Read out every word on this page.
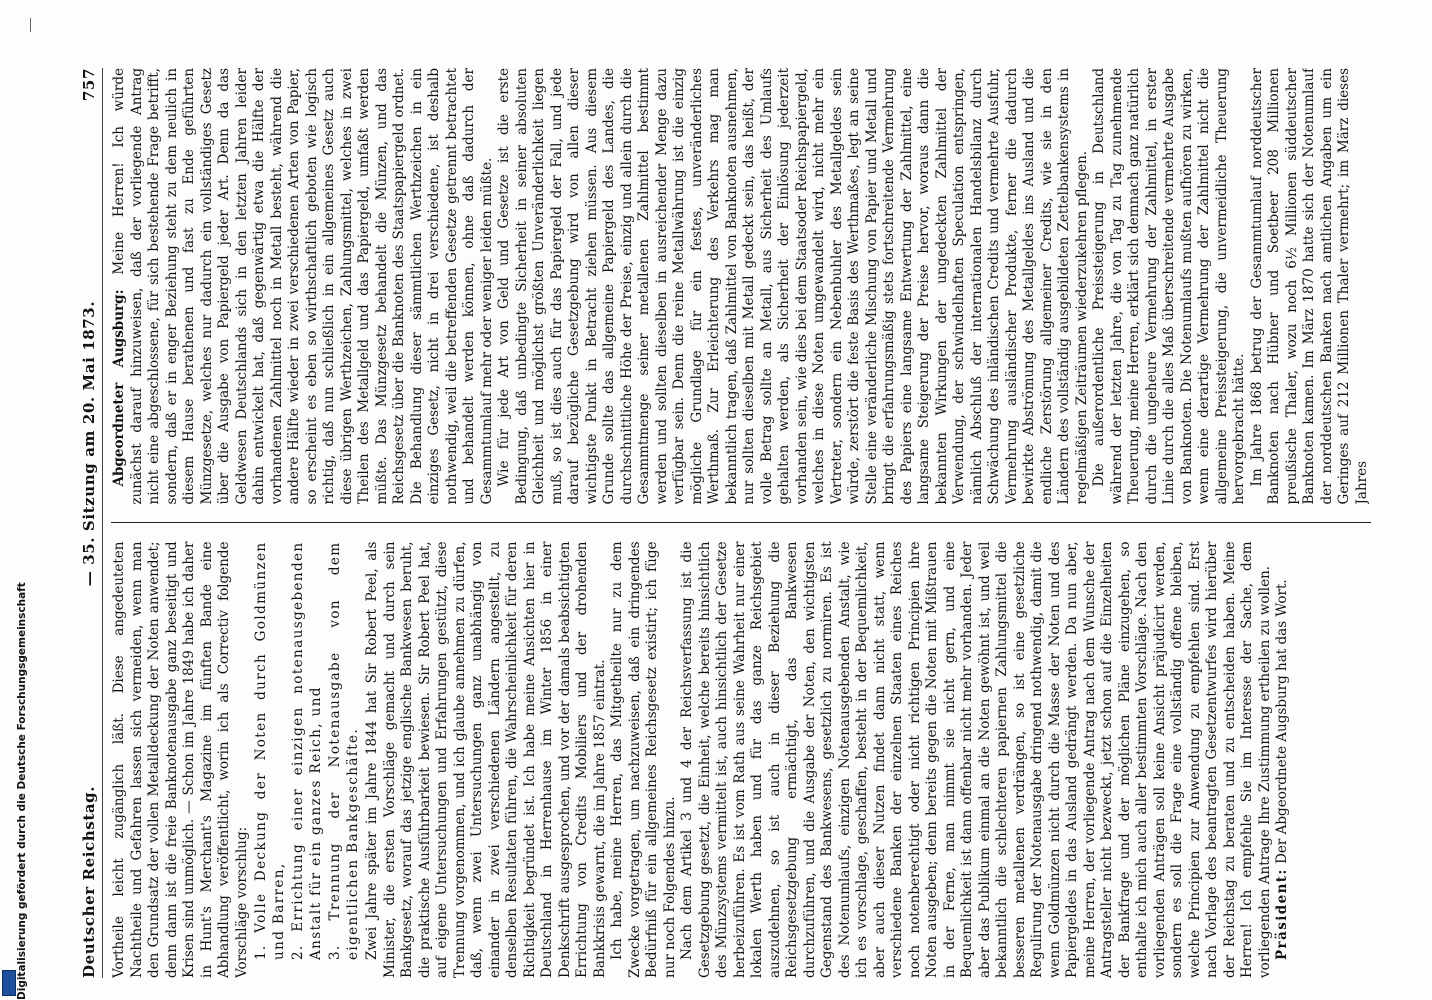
Deutscher Reichstag.
— 35. Sitzung am 20. Mai 1873.
757

Vortheile leicht zugänglich läßt. Diese angedeuteten Nachtheile und Gefahren lassen sich vermeiden, wenn man den Grundsatz der vollen Metalldeckung der Noten anwendet; denn dann ist die freie Banknotenausgabe ganz beseitigt und Krisen sind unmöglich. — Schon im Jahre 1849 habe ich daher in Hunt's Merchant's Magazine im fünften Bande eine Abhandlung veröffentlicht, worin ich als Correctiv folgende Vorschläge vorschlug: 1. Volle Deckung der Noten durch Goldmünzen und Barren, 2. Errichtung einer einzigen notenausgebenden Anstalt für ein ganzes Reich, und 3. Trennung der Notenausgabe von dem eigentlichen Bankgeschäfte. Zwei Jahre später im Jahre 1844 hat Sir Robert Peel, als Minister, die ersten Vorschläge gemacht und durch sein Bankgesetz, worauf das jetzige englische Bankwesen beruht, die praktische Ausführbarkeit bewiesen. Sir Robert Peel hat, auf eigene Untersuchungen und Erfahrungen gestützt, diese Trennung vorgenommen, und ich glaube annehmen zu dürfen, daß, wenn zwei Untersuchungen ganz unabhängig von einander in zwei verschiedenen Ländern angestellt, zu denselben Resultaten führen, die Wahrscheinlichkeit für deren Richtigkeit begründet ist. Ich habe meine Ansichten hier in Deutschland in Herrenhause im Winter 1856 in einer Denkschrift ausgesprochen, und vor der damals beabsichtigten Errichtung von Credits Mobiliers und der drohenden Bankkrisis gewarnt, die im Jahre 1857 eintrat. Ich habe, meine Herren, das Mitgetheilte nur zu dem Zwecke vorgetragen, um nachzuweisen, daß ein dringendes Bedürfniß für ein allgemeines Reichsgesetz existirt; ich füge nur noch Folgendes hinzu. Nach dem Artikel 3 und 4 der Reichsverfassung ist die Gesetzgebung gesetzt, die Einheit, welche bereits hinsichtlich des Münzsystems vermittelt ist, auch hinsichtlich der Gesetze herbeizuführen. Es ist vom Rath aus seine Wahrheit nur einer lokalen Werth haben und für das ganze Reichsgebiet auszudehnen, so ist auch in dieser Beziehung die Reichsgesetzgebung ermächtigt, das Bankwesen durchzuführen, und die Ausgabe der Noten, den wichtigsten Gegenstand des Bankwesens, gesetzlich zu normiren. Es ist des Notenumlaufs, einzigen Notenausgebenden Anstalt, wie ich es vorschlage, geschaffen, besteht in der Bequemlichkeit, aber auch dieser Nutzen findet dann nicht statt, wenn verschiedene Banken der einzelnen Staaten eines Reiches noch notenberechtigt oder nicht richtigen Principien ihre Noten ausgeben; denn bereits gegen die Noten mit Mißtrauen in der Ferne, man nimmt sie nicht gern, und eine Bequemlichkeit ist dann offenbar nicht mehr vorhanden. Jeder aber das Publikum einmal an die Noten gewöhnt ist, und weil bekanntlich die schlechteren papiernen Zahlungsmittel die besseren metallenen verdrängen, so ist eine gesetzliche Regulirung der Notenausgabe dringend nothwendig, damit die wenn Goldmünzen nicht durch die Masse der Noten und des Papiergeldes in das Ausland gedrängt werden. Da nun aber, meine Herren, der vorliegende Antrag nach dem Wunsche der Antragsteller nicht bezweckt, jetzt schon auf die Einzelheiten der Bankfrage und der möglichen Pläne einzugehen, so enthalte ich mich auch aller bestimmten Vorschläge. Nach den vorliegenden Anträgen soll keine Ansicht präjudicirt werden, sondern es soll die Frage eine vollständig offene bleiben, welche Principien zur Anwendung zu empfehlen sind. Erst nach Vorlage des beantragten Gesetzentwurfes wird hierüber der Reichstag zu beraten und zu entscheiden haben. Meine Herren! Ich empfehle Sie im Interesse der Sache, dem vorliegenden Antrage Ihre Zustimmung ertheilen zu wollen. Präsident: Der Abgeordnete Augsburg hat das Wort.

Abgeordneter Augsburg: Meine Herren! Ich würde zunächst darauf hinzuweisen, daß der vorliegende Antrag nicht eine abgeschlossene, für sich bestehende Frage betrifft, sondern, daß er in enger Beziehung steht zu dem neulich in diesem Hause berathenen und fast zu Ende geführten Münzgesetze, welches nur dadurch ein vollständiges Gesetz über die Ausgabe von Papiergeld jeder Art. Denn da das Geldwesen Deutschlands sich in den letzten Jahren leider dahin entwickelt hat, daß gegenwärtig etwa die Hälfte der vorhandenen Zahlmittel noch in Metall besteht, während die andere Hälfte wieder in zwei verschiedenen Arten von Papier, so erscheint es eben so wirthschaftlich geboten wie logisch richtig, daß nun schließlich in ein allgemeines Gesetz auch diese übrigen Werthzeichen, Zahlungsmittel, welches in zwei Theilen des Metallgeld und das Papiergeld, umfaßt werden müßte. Das Münzgesetz behandelt die Münzen, und das Reichsgesetz über die Banknoten des Staatspapiergeld ordnet. Die Behandlung dieser sämmtlichen Werthzeichen in ein einziges Gesetz, nicht in drei verschiedene, ist deshalb nothwendig, weil die betreffenden Gesetze getrennt betrachtet und behandelt werden können, ohne daß dadurch der Gesammtumlauf mehr oder weniger leiden müßte. Wie für jede Art von Geld und Gesetze ist die erste Bedingung, daß unbedingte Sicherheit in seiner absoluten Gleichheit und möglichst größten Unveränderlichkeit liegen muß, so ist dies auch für das Papiergeld der Fall, und jede darauf bezügliche Gesetzgebung wird von allen dieser wichtigste Punkt in Betracht ziehen müssen. Aus diesem Grunde sollte das allgemeine Papiergeld des Landes, die durchschnittliche Höhe der Preise, einzig und allein durch die Gesammtmenge seiner metallenen Zahlmittel bestimmt werden und sollten dieselben in ausreichender Menge dazu verfügbar sein. Denn die reine Metallwährung ist die einzig mögliche Grundlage für ein festes, unveränderliches Werthmaß. Zur Erleichterung des Verkehrs mag man bekanntlich tragen, daß Zahlmittel von Banknoten ausnehmen, nur sollten dieselben mit Metall gedeckt sein, das heißt, der volle Betrag sollte an Metall, aus Sicherheit des Umlaufs gehalten werden, als Sicherheit der Einlösung jederzeit vorhanden sein, wie dies bei dem Staatsoder Reichspapiergeld, welches in diese Noten umgewandelt wird, nicht mehr ein Vertreter, sondern ein Nebenbuhler des Metallgeldes sein würde, zerstört die feste Basis des Werthmaßes, legt an seine Stelle eine veränderliche Mischung von Papier und Metall und bringt die erfahrungsmäßig stets fortschreitende Vermehrung des Papiers eine langsame Entwertung der Zahlmittel, eine langsame Steigerung der Preise hervor, woraus dann die bekannten Wirkungen der ungedeckten Zahlmittel der Verwendung, der schwindelhaften Speculation entspringen, nämlich Abschluß der internationalen Handelsbilanz durch Schwächung des inländischen Credits und vermehrte Ausfuhr, Vermehrung ausländischer Produkte, ferner die dadurch bewirkte Abströmung des Metallgeldes ins Ausland und die endliche Zerstörung allgemeiner Credits, wie sie in den Ländern des vollständig ausgebildeten Zettelbankensystems in regelmäßigen Zeiträumen wiederzukehren pflegen. Die außerordentliche Preissteigerung in Deutschland während der letzten Jahre, die von Tag zu Tag zunehmende Theuerung, meine Herren, erklärt sich demnach ganz natürlich durch die ungeheure Vermehrung der Zahlmittel, in erster Linie durch die alles Maß überschreitende vermehrte Ausgabe von Banknoten. Die Notenumlaufs mußten aufhören zu wirken, wenn eine derartige Vermehrung der Zahlmittel nicht die allgemeine Preissteigerung, die unvermeidliche Theuerung hervorgebracht hätte. Im Jahre 1868 betrug der Gesammtumlauf norddeutscher Banknoten nach Hübner und Soetbeer 208 Millionen preußische Thaler, wozu noch 6½ Millionen süddeutscher Banknoten kamen. Im März 1870 hatte sich der Notenumlauf der norddeutschen Banken nach amtlichen Angaben um ein Geringes auf 212 Millionen Thaler vermehrt; im März dieses Jahres

Digitalisierung gefördert durch die Deutsche Forschungsgemeinschaft
